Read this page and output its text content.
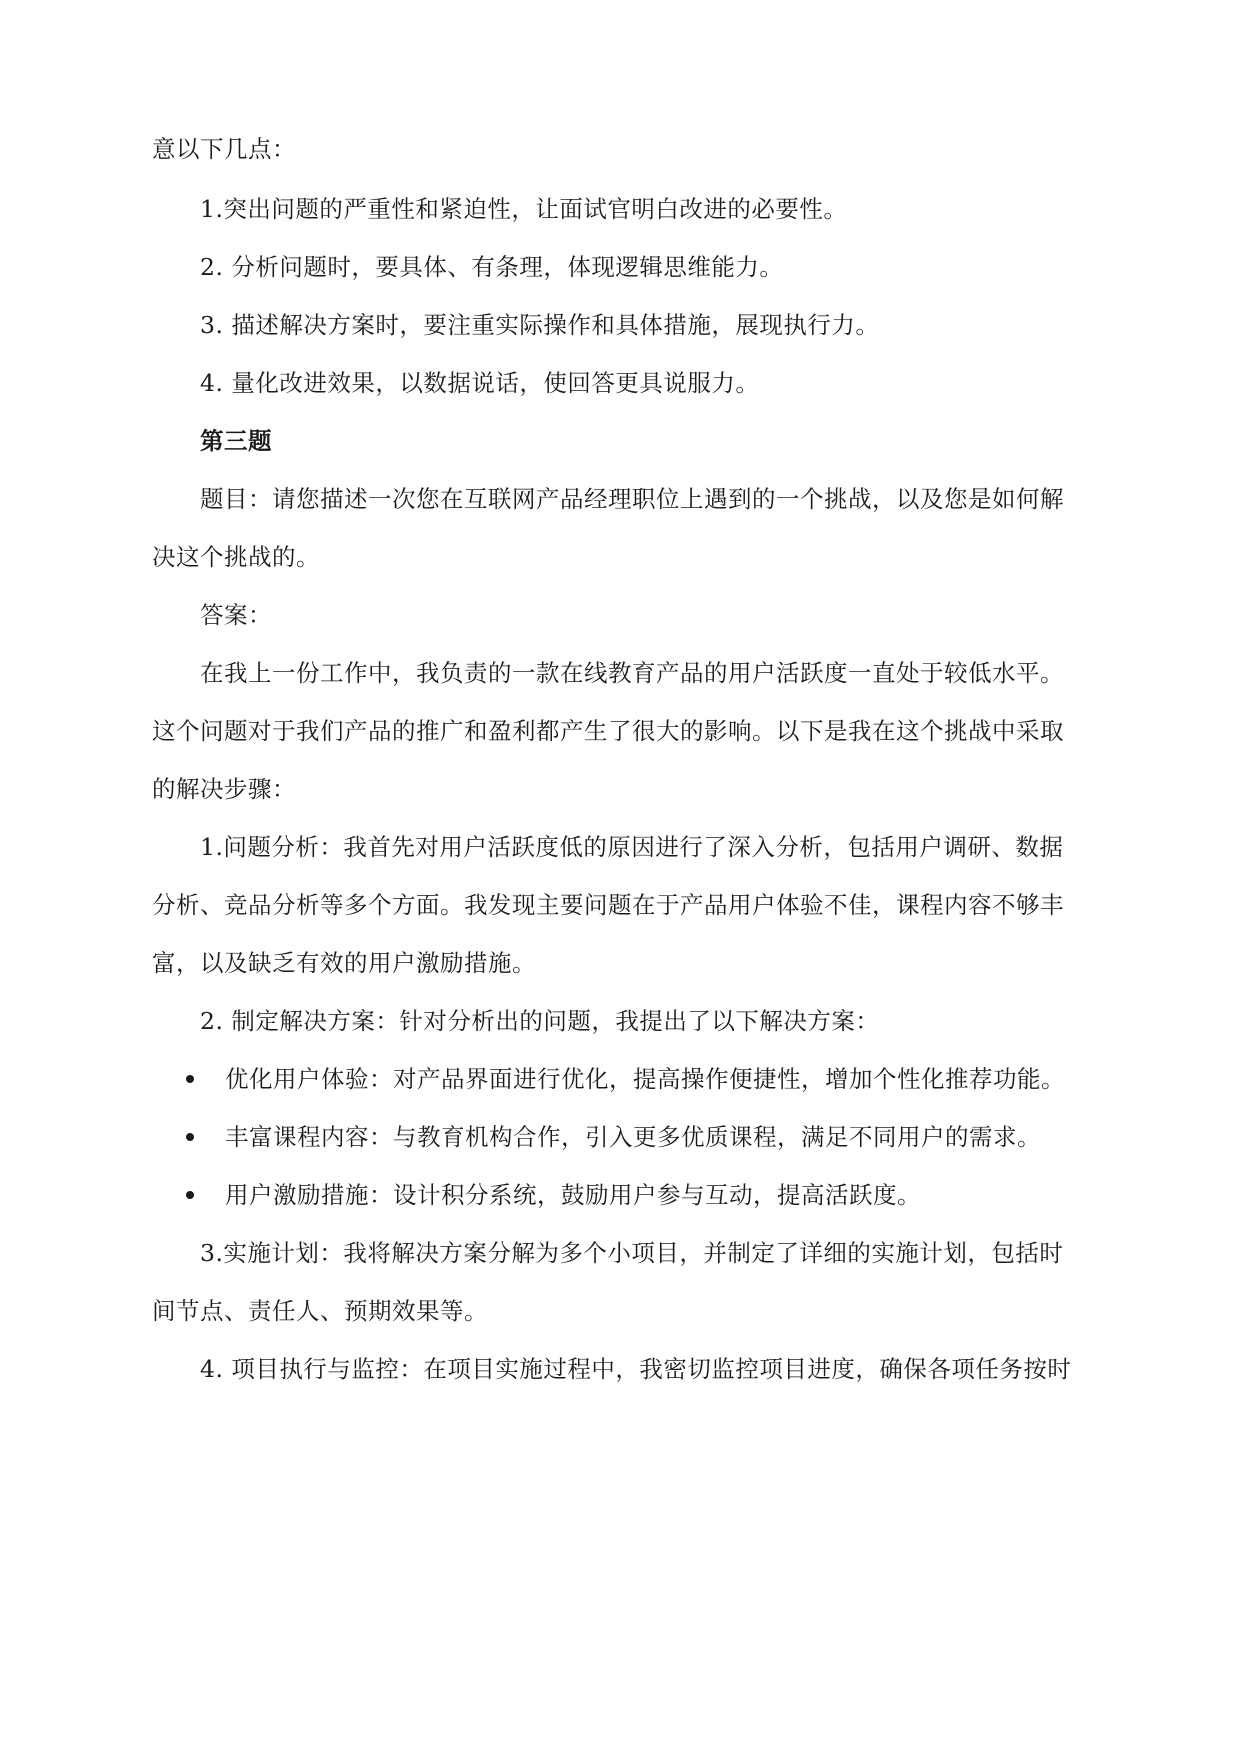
意以下几点：
1.突出问题的严重性和紧迫性，让面试官明白改进的必要性。
2. 分析问题时，要具体、有条理，体现逻辑思维能力。
3. 描述解决方案时，要注重实际操作和具体措施，展现执行力。
4. 量化改进效果，以数据说话，使回答更具说服力。
第三题
题目：请您描述一次您在互联网产品经理职位上遇到的一个挑战，以及您是如何解
决这个挑战的。
答案：
在我上一份工作中，我负责的一款在线教育产品的用户活跃度一直处于较低水平。
这个问题对于我们产品的推广和盈利都产生了很大的影响。以下是我在这个挑战中采取
的解决步骤：
1.问题分析：我首先对用户活跃度低的原因进行了深入分析，包括用户调研、数据
分析、竞品分析等多个方面。我发现主要问题在于产品用户体验不佳，课程内容不够丰
富，以及缺乏有效的用户激励措施。
2. 制定解决方案：针对分析出的问题，我提出了以下解决方案：
优化用户体验：对产品界面进行优化，提高操作便捷性，增加个性化推荐功能。
丰富课程内容：与教育机构合作，引入更多优质课程，满足不同用户的需求。
用户激励措施：设计积分系统，鼓励用户参与互动，提高活跃度。
3.实施计划：我将解决方案分解为多个小项目，并制定了详细的实施计划，包括时
间节点、责任人、预期效果等。
4. 项目执行与监控：在项目实施过程中，我密切监控项目进度，确保各项任务按时
